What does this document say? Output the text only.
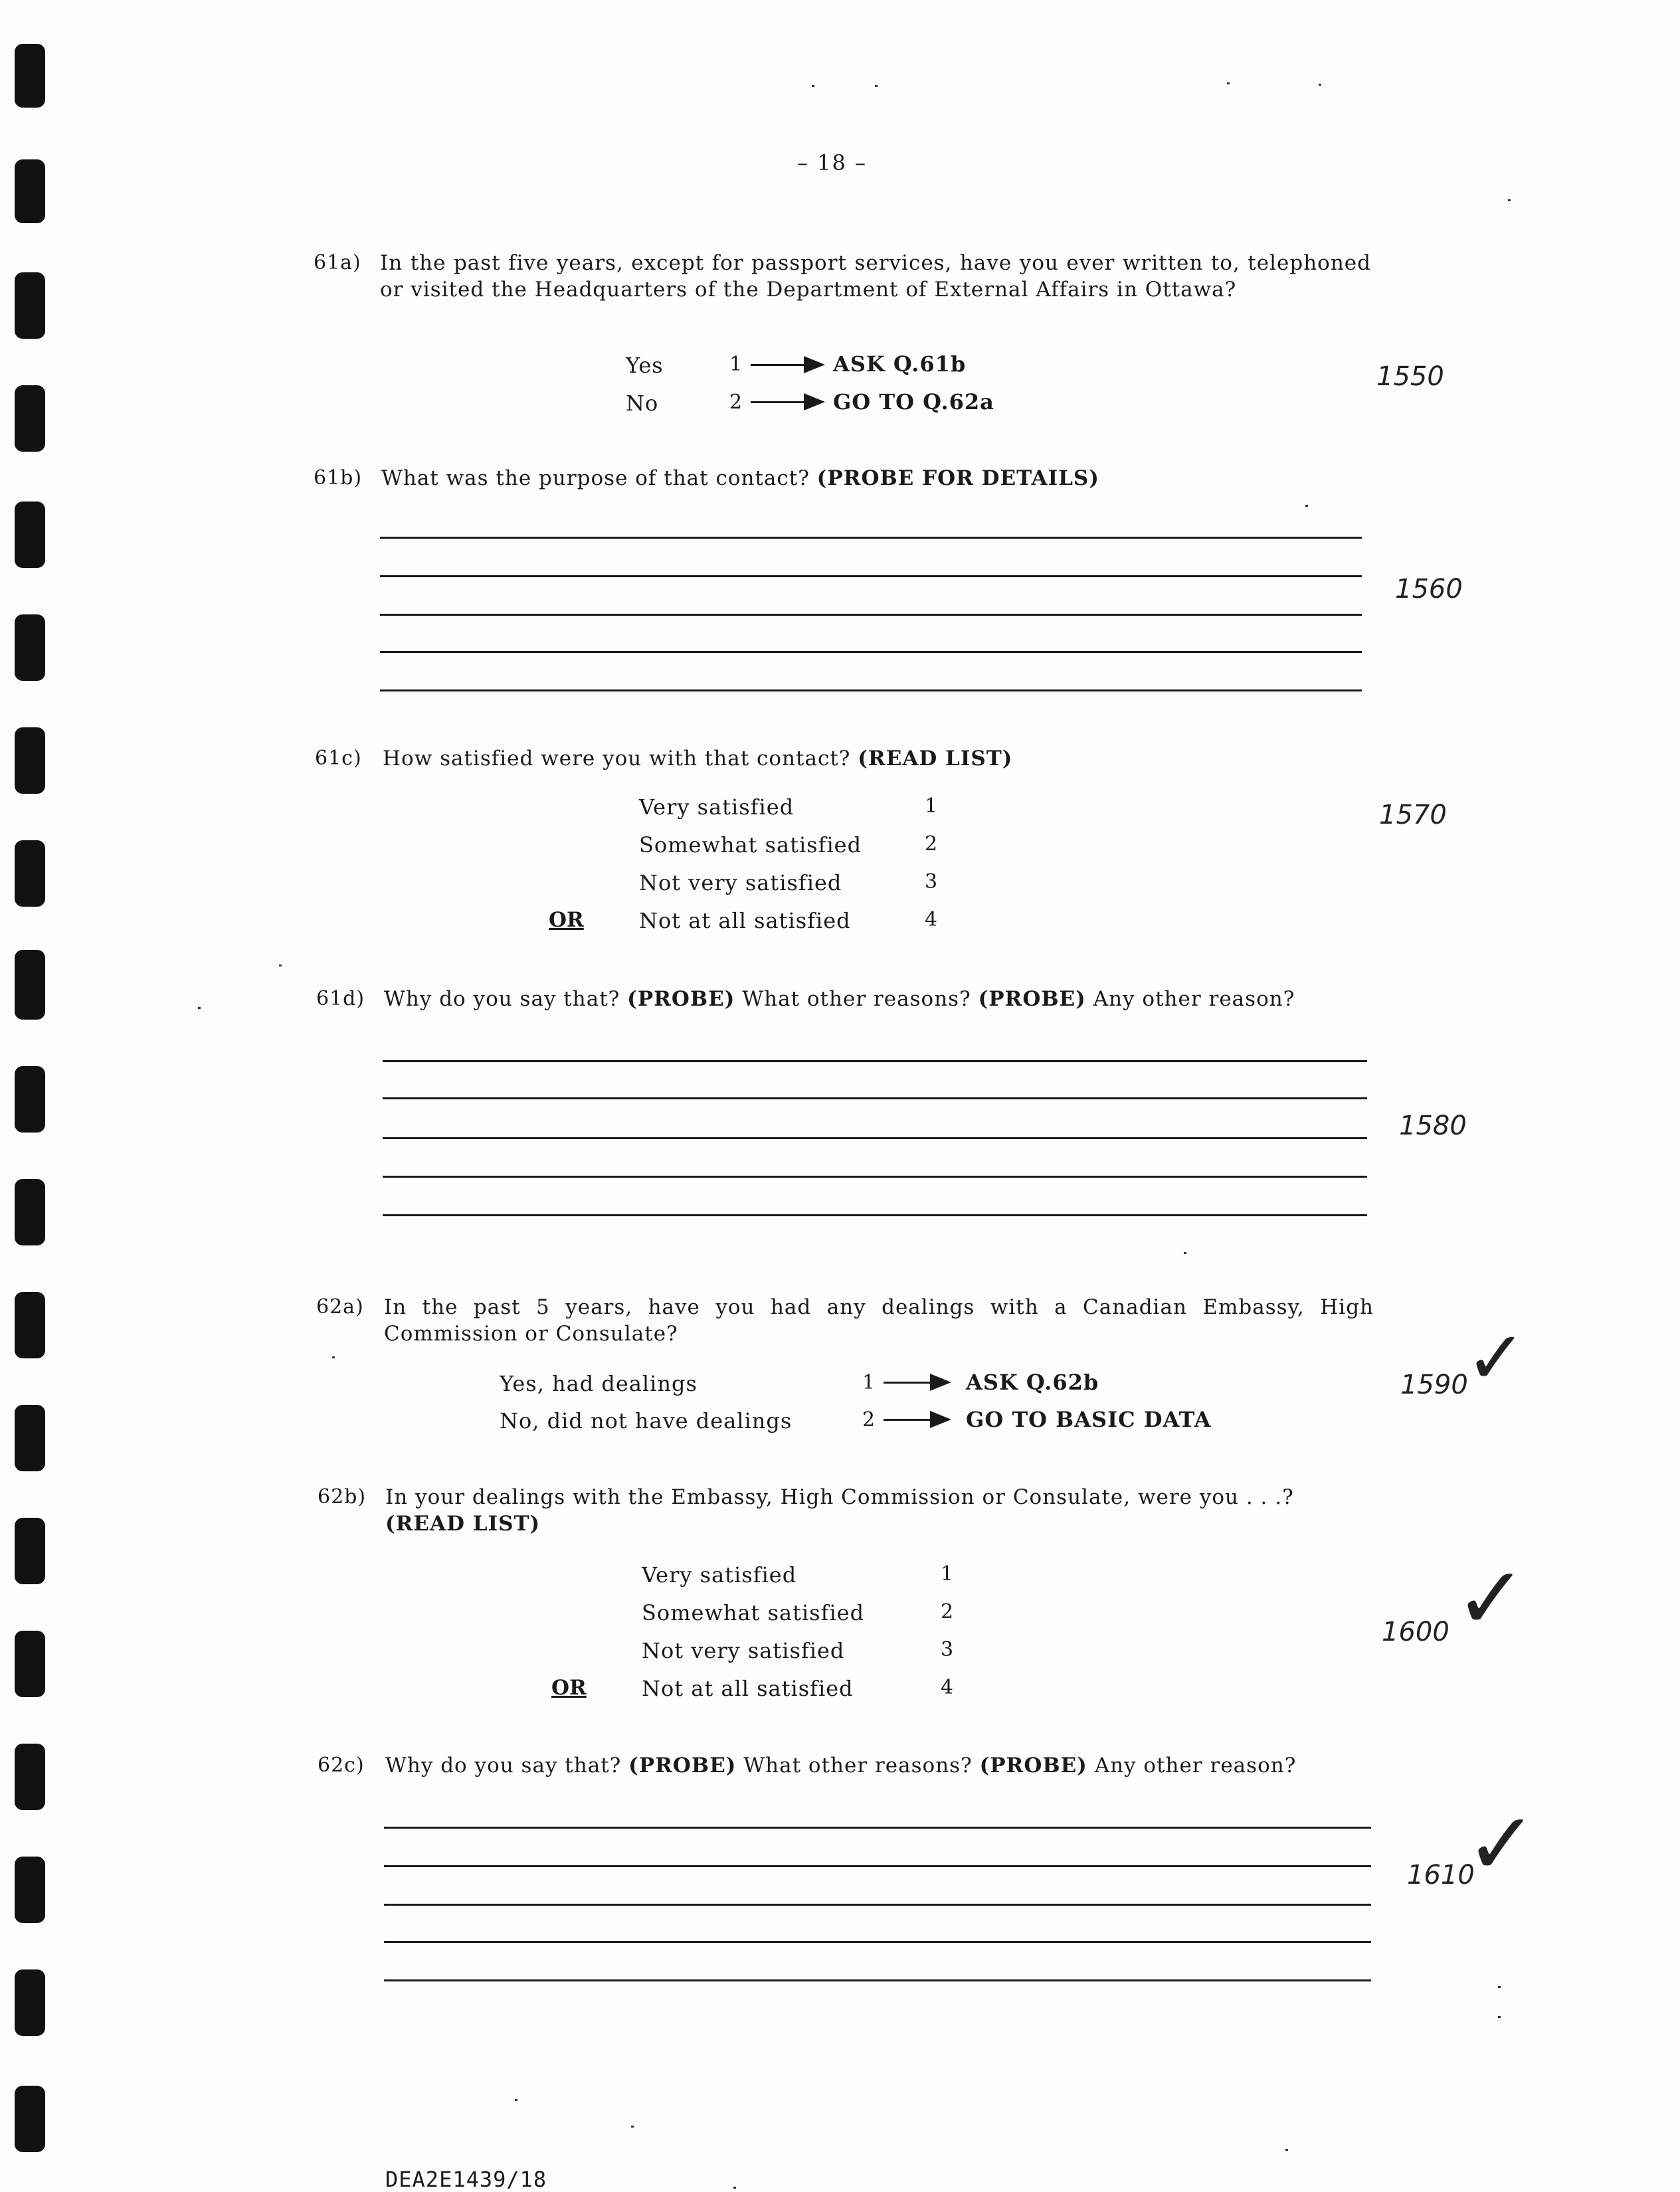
– 18 –
61a) In the past five years, except for passport services, have you ever written to, telephoned or visited the Headquarters of the Department of External Affairs in Ottawa?
Yes	1	ASK Q.61b
No	2	GO TO Q.62a
1550
61b) What was the purpose of that contact? (PROBE FOR DETAILS)
1560
61c) How satisfied were you with that contact? (READ LIST)
Very satisfied	1
Somewhat satisfied	2
Not very satisfied	3
OR	Not at all satisfied	4
1570
61d) Why do you say that? (PROBE) What other reasons? (PROBE) Any other reason?
1580
62a) In the past 5 years, have you had any dealings with a Canadian Embassy, High Commission or Consulate?
Yes, had dealings	1	ASK Q.62b
No, did not have dealings	2	GO TO BASIC DATA
1590
✓
62b) In your dealings with the Embassy, High Commission or Consulate, were you . . .?
(READ LIST)
Very satisfied	1
Somewhat satisfied	2
Not very satisfied	3
OR	Not at all satisfied	4
1600 ✓
62c) Why do you say that? (PROBE) What other reasons? (PROBE) Any other reason?
1610
✓
DEA2E1439/18
